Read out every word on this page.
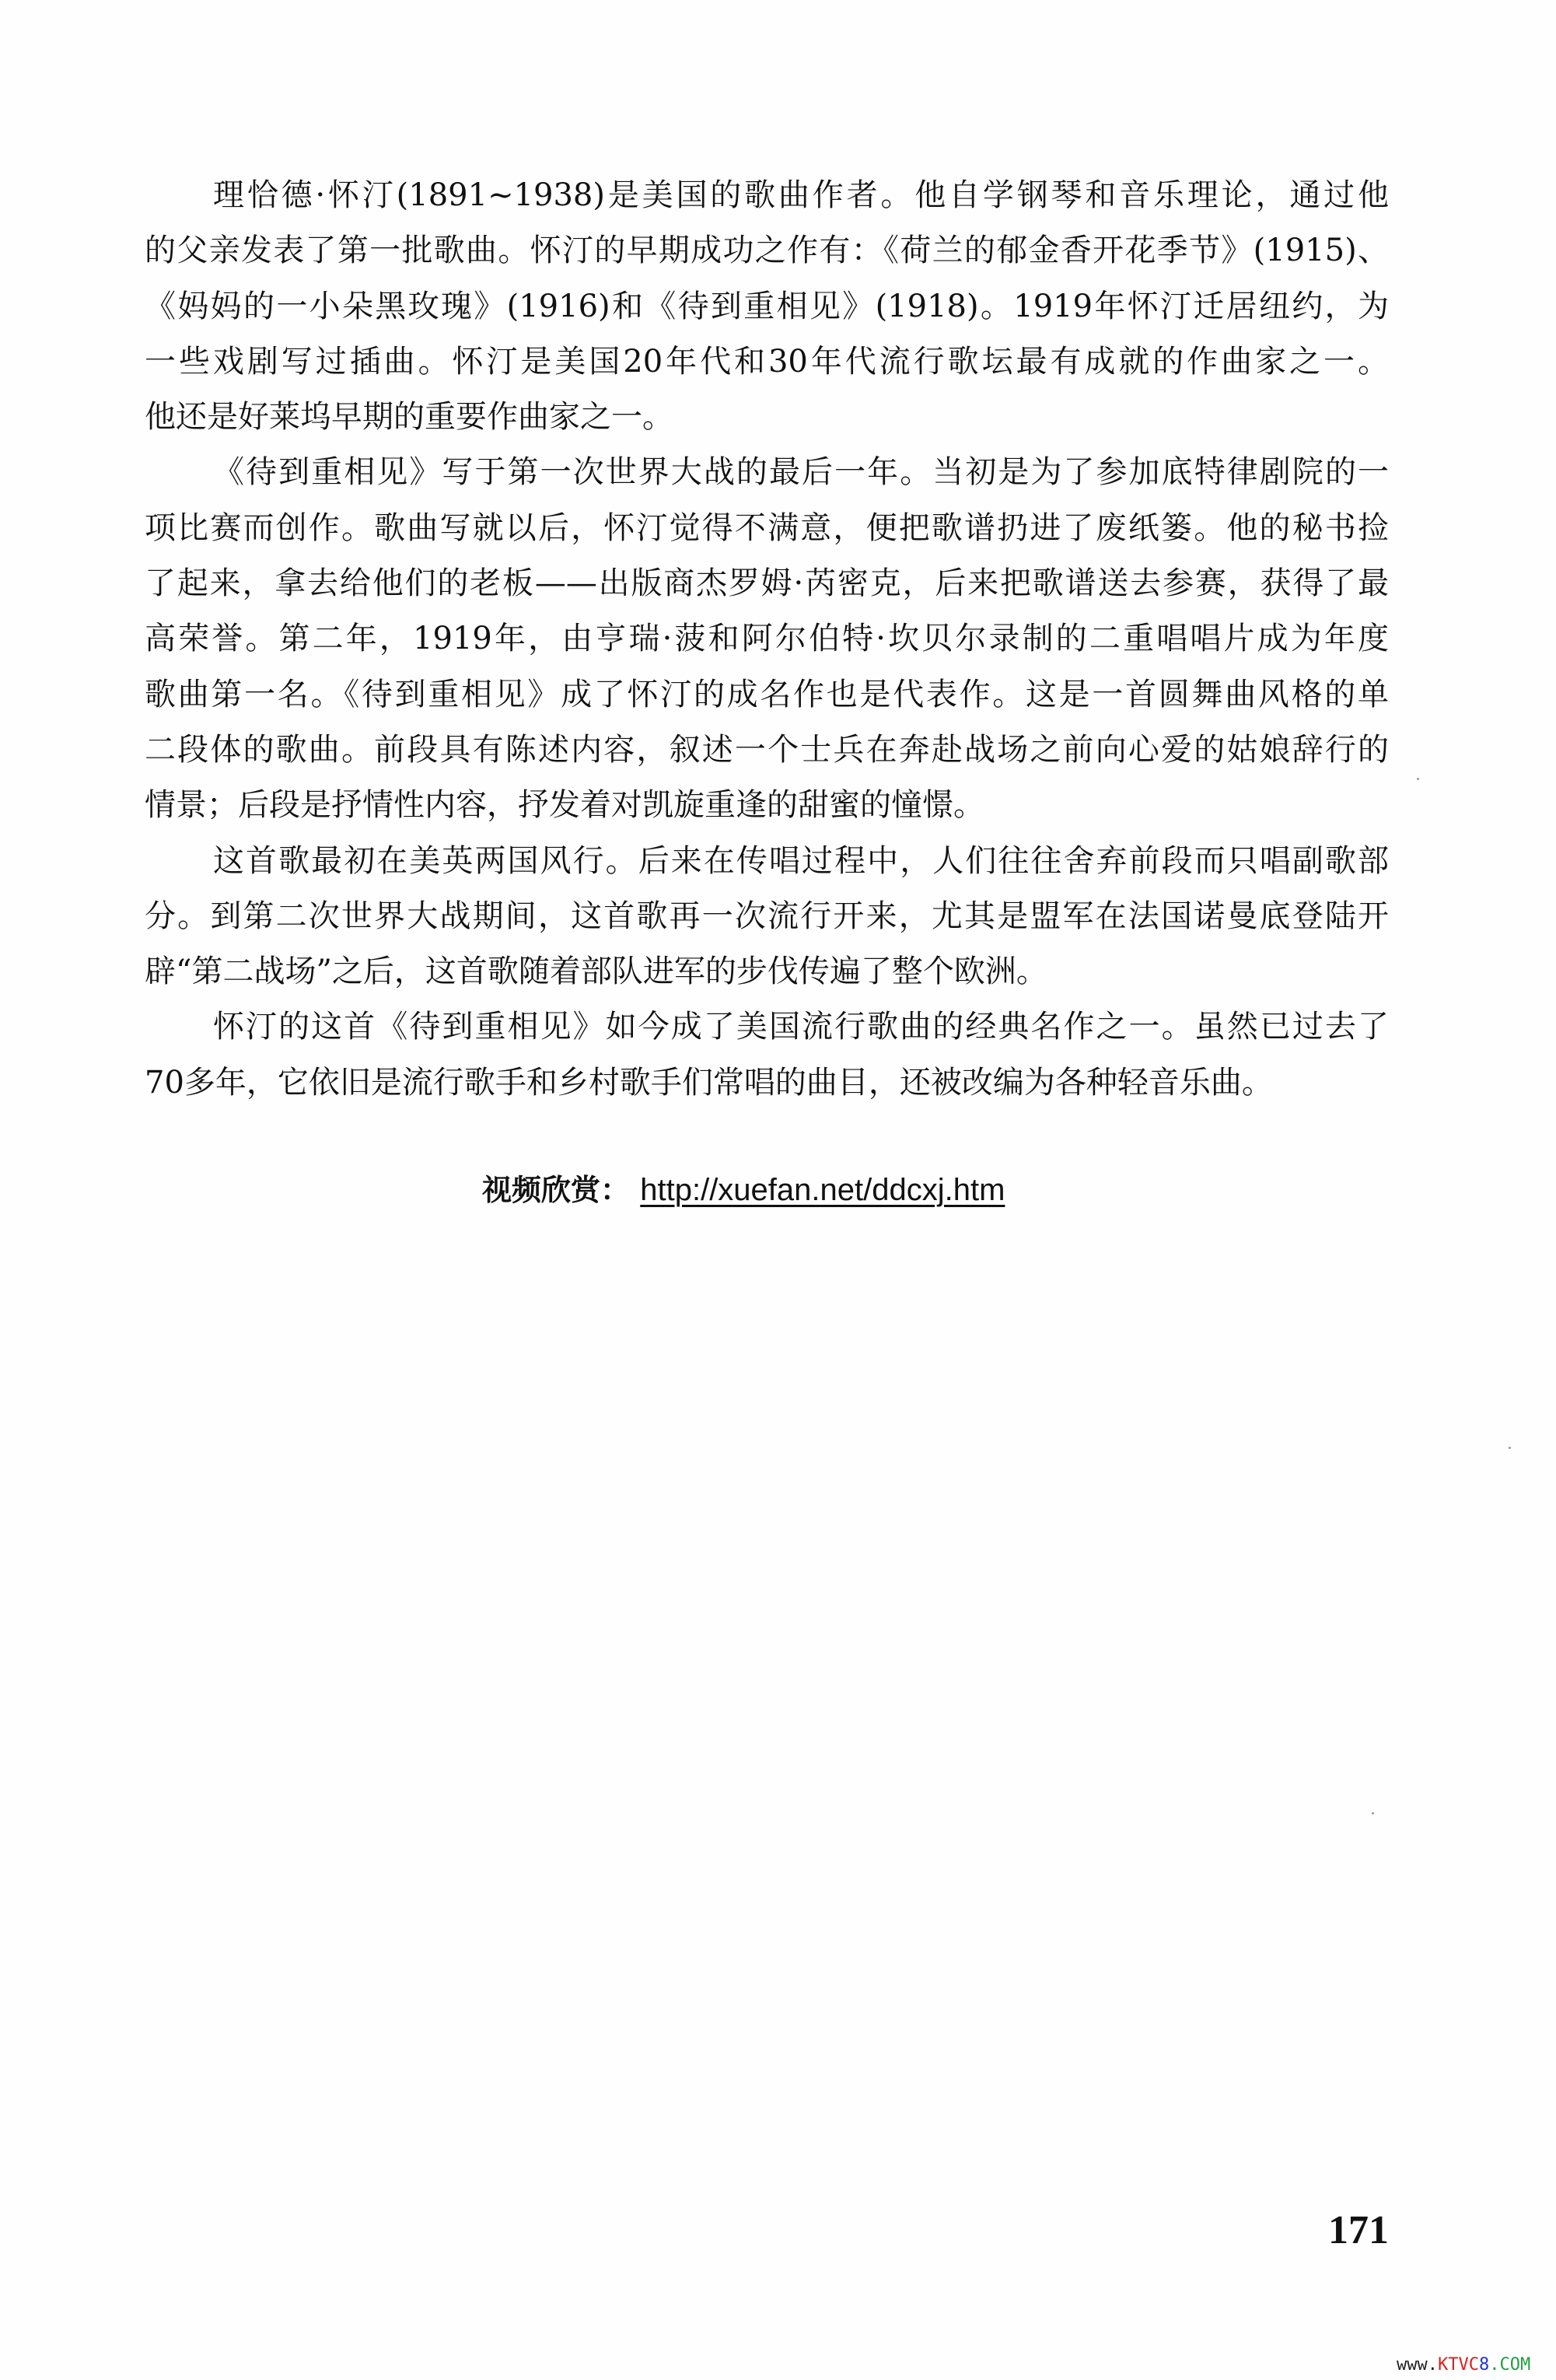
理恰德·怀汀(1891~1938)是美国的歌曲作者。他自学钢琴和音乐理论，通过他
的父亲发表了第一批歌曲。怀汀的早期成功之作有：《荷兰的郁金香开花季节》(1915)、
《妈妈的一小朵黑玫瑰》(1916)和《待到重相见》(1918)。1919年怀汀迁居纽约，为
一些戏剧写过插曲。怀汀是美国20年代和30年代流行歌坛最有成就的作曲家之一。
他还是好莱坞早期的重要作曲家之一。
《待到重相见》写于第一次世界大战的最后一年。当初是为了参加底特律剧院的一
项比赛而创作。歌曲写就以后，怀汀觉得不满意，便把歌谱扔进了废纸篓。他的秘书捡
了起来，拿去给他们的老板——出版商杰罗姆·芮密克，后来把歌谱送去参赛，获得了最
高荣誉。第二年，1919年，由亨瑞·菠和阿尔伯特·坎贝尔录制的二重唱唱片成为年度
歌曲第一名。《待到重相见》成了怀汀的成名作也是代表作。这是一首圆舞曲风格的单
二段体的歌曲。前段具有陈述内容，叙述一个士兵在奔赴战场之前向心爱的姑娘辞行的
情景；后段是抒情性内容，抒发着对凯旋重逢的甜蜜的憧憬。
这首歌最初在美英两国风行。后来在传唱过程中，人们往往舍弃前段而只唱副歌部
分。到第二次世界大战期间，这首歌再一次流行开来，尤其是盟军在法国诺曼底登陆开
辟“第二战场”之后，这首歌随着部队进军的步伐传遍了整个欧洲。
怀汀的这首《待到重相见》如今成了美国流行歌曲的经典名作之一。虽然已过去了
70多年，它依旧是流行歌手和乡村歌手们常唱的曲目，还被改编为各种轻音乐曲。
视频欣赏： http://xuefan.net/ddcxj.htm
171
www.KTVC8.COM
